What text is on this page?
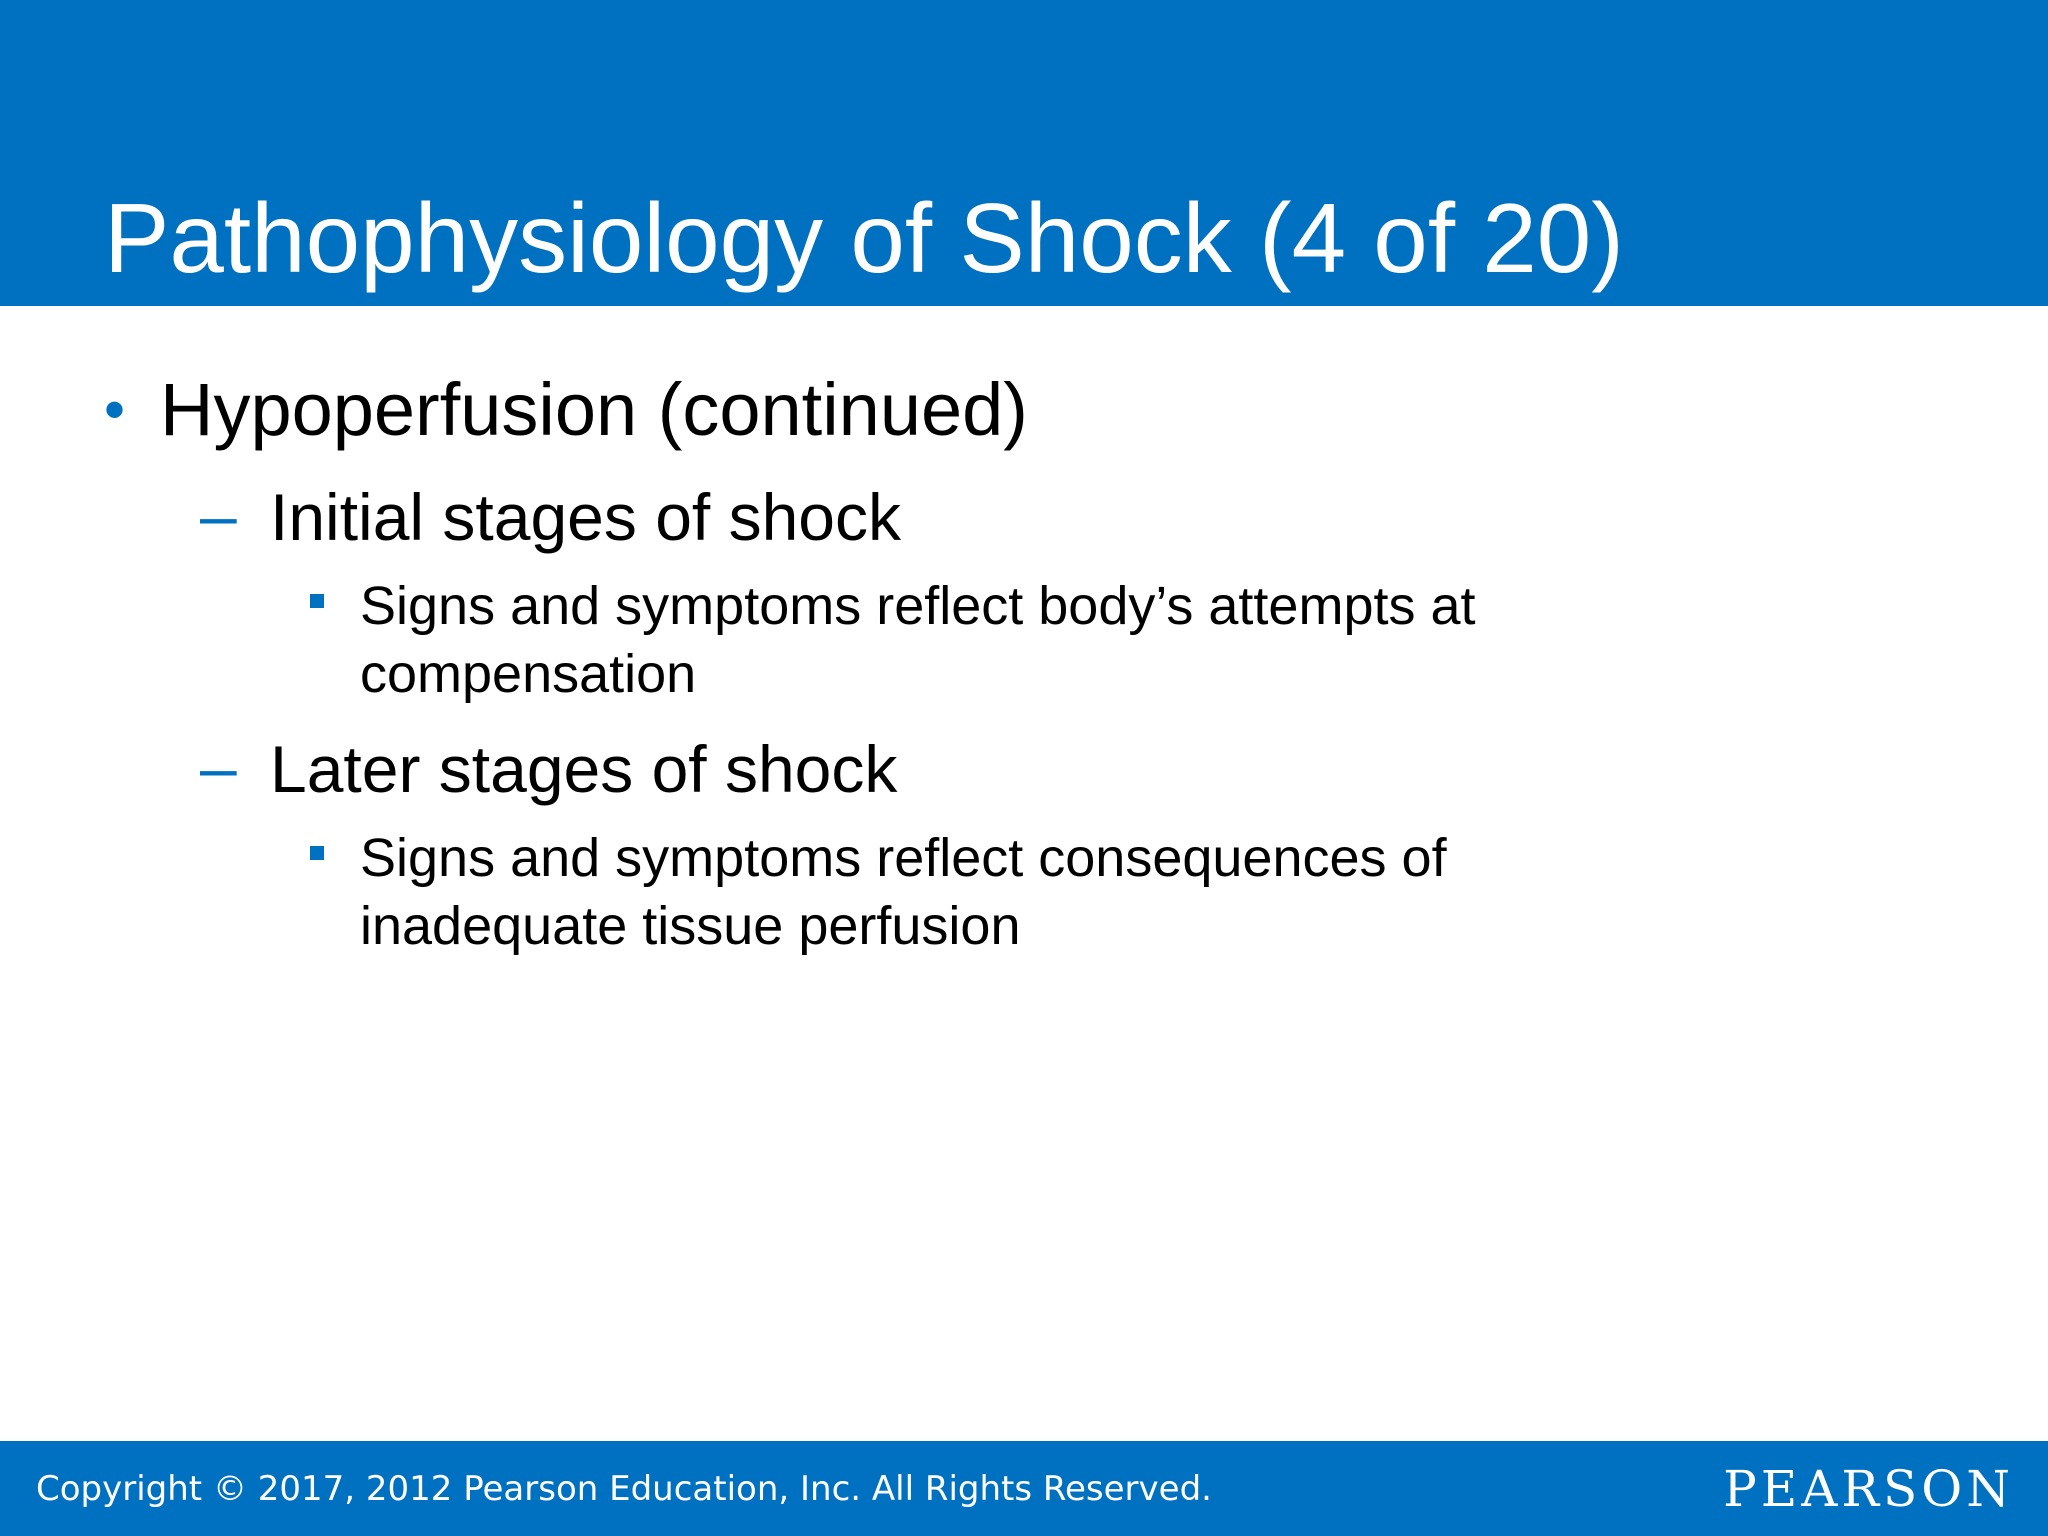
Pathophysiology of Shock (4 of 20)
• Hypoperfusion (continued)
– Initial stages of shock
Signs and symptoms reflect body’s attempts at
compensation
– Later stages of shock
Signs and symptoms reflect consequences of
inadequate tissue perfusion
Copyright © 2017, 2012 Pearson Education, Inc. All Rights Reserved.	PEARSON
